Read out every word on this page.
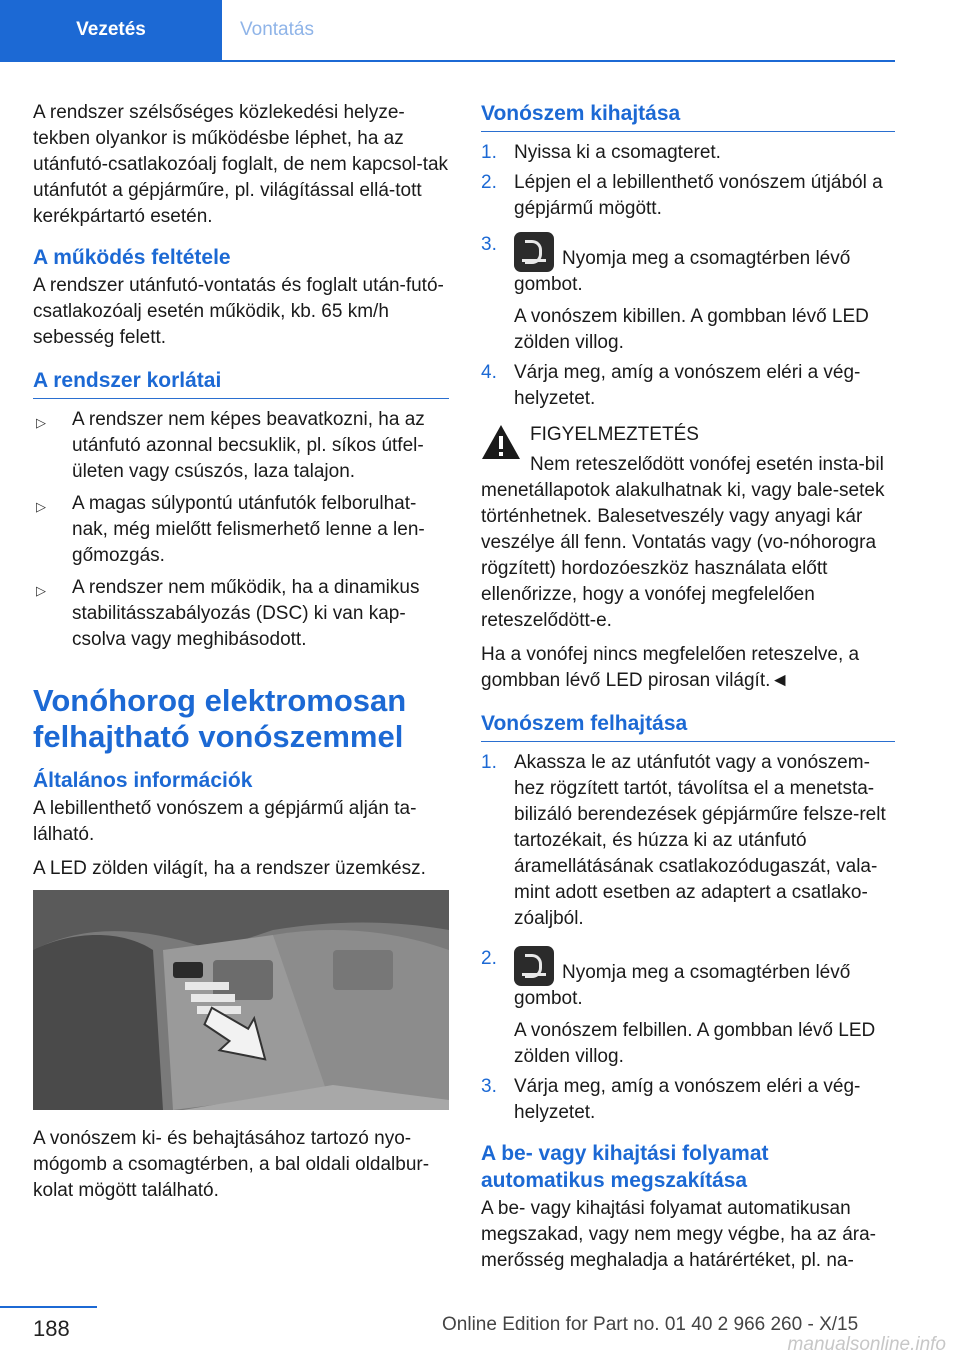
Vezetés	Vontatás

A rendszer szélsőséges közlekedési helyze-tekben olyankor is működésbe léphet, ha az utánfutó-csatlakozóalj foglalt, de nem kapcsol-tak utánfutót a gépjárműre, pl. világítással ellá-tott kerékpártartó esetén.

A működés feltétele

A rendszer utánfutó-vontatás és foglalt után-futó-csatlakozóalj esetén működik, kb. 65 km/h sebesség felett.

A rendszer korlátai
▷ A rendszer nem képes beavatkozni, ha az utánfutó azonnal becsuklik, pl. síkos útfel-ületen vagy csúszós, laza talajon.
▷ A magas súlypontú utánfutók felborulhat-nak, még mielőtt felismerhető lenne a len-gőmozgás.
▷ A rendszer nem működik, ha a dinamikus stabilitásszabályozás (DSC) ki van kap-csolva vagy meghibásodott.
Vonóhorog elektromosan felhajtható vonószemmel
Általános információk

A lebillenthető vonószem a gépjármű alján ta-lálható.

A LED zölden világít, ha a rendszer üzemkész.

A vonószem ki- és behajtásához tartozó nyo-mógomb a csomagtérben, a bal oldali oldalbur-kolat mögött található.

Vonószem kihajtása
1. Nyissa ki a csomagteret.
2. Lépjen el a lebillenthető vonószem útjából a gépjármű mögött.
3.
Nyomja meg a csomagtérben lévő gombot.
A vonószem kibillen. A gombban lévő LED zölden villog.
4. Várja meg, amíg a vonószem eléri a vég-helyzetet.
FIGYELMEZTETÉS

Nem reteszelődött vonófej esetén insta-bil menetállapotok alakulhatnak ki, vagy bale-setek történhetnek. Balesetveszély vagy anyagi kár veszélye áll fenn. Vontatás vagy (vo-nóhorogra rögzített) hordozóeszköz használata előtt ellenőrizze, hogy a vonófej megfelelően reteszelődött-e.

Ha a vonófej nincs megfelelően reteszelve, a gombban lévő LED pirosan világít.◄

Vonószem felhajtása
1. Akassza le az utánfutót vagy a vonószem-hez rögzített tartót, távolítsa el a menetsta-bilizáló berendezések gépjárműre felsze-relt tartozékait, és húzza ki az utánfutó áramellátásának csatlakozódugaszát, vala-mint adott esetben az adaptert a csatlako-zóaljból.
2.
Nyomja meg a csomagtérben lévő gombot.
A vonószem felbillen. A gombban lévő LED zölden villog.
3. Várja meg, amíg a vonószem eléri a vég-helyzetet.
A be- vagy kihajtási folyamat automatikus megszakítása

A be- vagy kihajtási folyamat automatikusan megszakad, vagy nem megy végbe, ha az ára-merősség meghaladja a határértéket, pl. na-

188	Online Edition for Part no. 01 40 2 966 260 - X/15
manualsonline.info
